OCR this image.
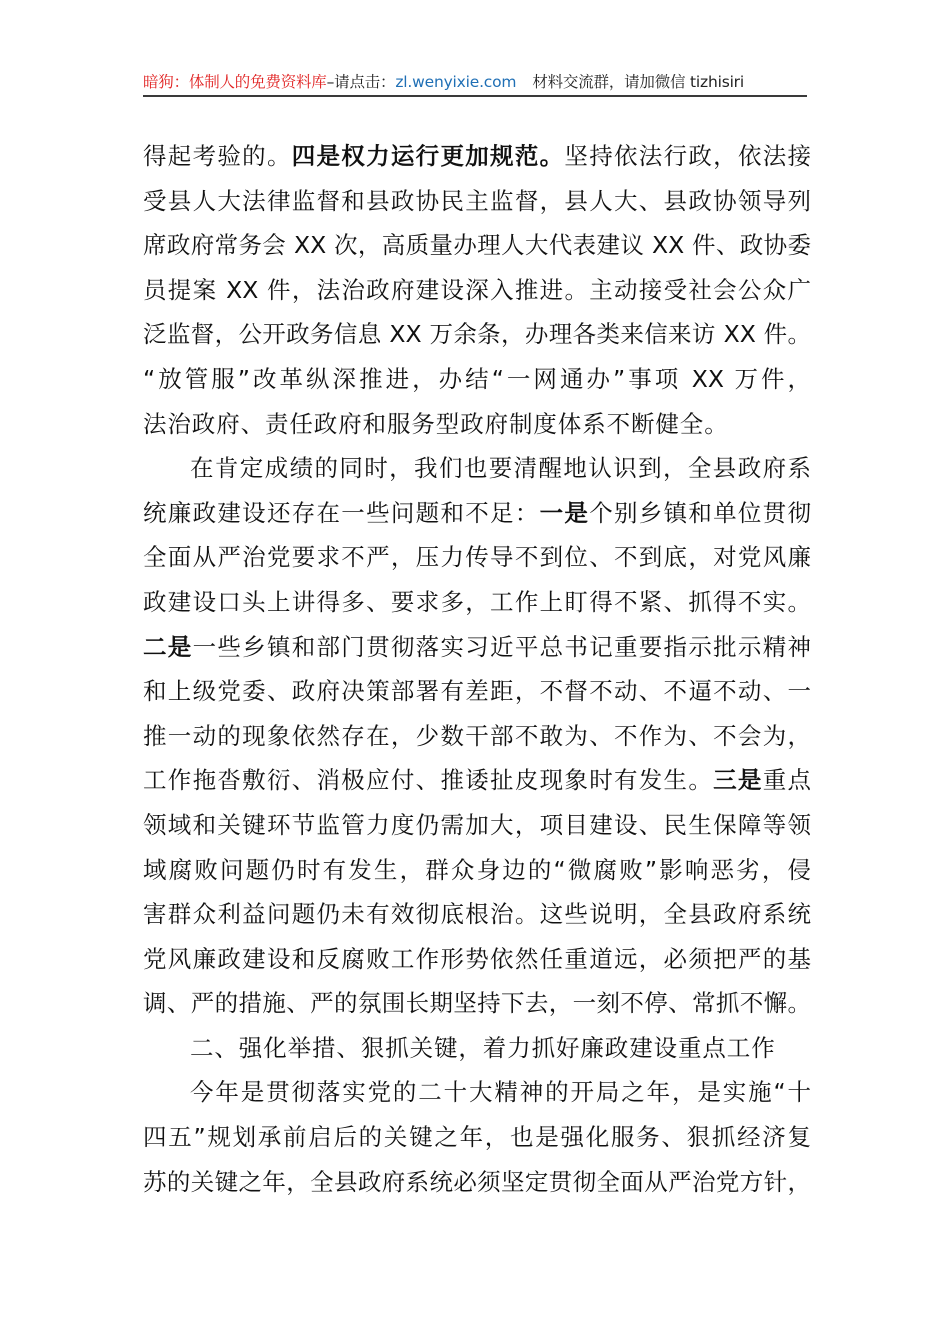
暗狗：体制人的免费资料库–请点击：zl.wenyixie.com 材料交流群，请加微信 tizhisiri
得起考验的。四是权力运行更加规范。坚持依法行政，依法接
受县人大法律监督和县政协民主监督，县人大、县政协领导列
席政府常务会 XX 次，高质量办理人大代表建议 XX 件、政协委
员提案 XX 件，法治政府建设深入推进。主动接受社会公众广
泛监督，公开政务信息 XX 万余条，办理各类来信来访 XX 件。
“放管服”改革纵深推进，办结“一网通办”事项 XX 万件，
法治政府、责任政府和服务型政府制度体系不断健全。
在肯定成绩的同时，我们也要清醒地认识到，全县政府系
统廉政建设还存在一些问题和不足：一是个别乡镇和单位贯彻
全面从严治党要求不严，压力传导不到位、不到底，对党风廉
政建设口头上讲得多、要求多，工作上盯得不紧、抓得不实。
二是一些乡镇和部门贯彻落实习近平总书记重要指示批示精神
和上级党委、政府决策部署有差距，不督不动、不逼不动、一
推一动的现象依然存在，少数干部不敢为、不作为、不会为，
工作拖沓敷衍、消极应付、推诿扯皮现象时有发生。三是重点
领域和关键环节监管力度仍需加大，项目建设、民生保障等领
域腐败问题仍时有发生，群众身边的“微腐败”影响恶劣，侵
害群众利益问题仍未有效彻底根治。这些说明，全县政府系统
党风廉政建设和反腐败工作形势依然任重道远，必须把严的基
调、严的措施、严的氛围长期坚持下去，一刻不停、常抓不懈。
二、强化举措、狠抓关键，着力抓好廉政建设重点工作
今年是贯彻落实党的二十大精神的开局之年，是实施“十
四五”规划承前启后的关键之年，也是强化服务、狠抓经济复
苏的关键之年，全县政府系统必须坚定贯彻全面从严治党方针，
